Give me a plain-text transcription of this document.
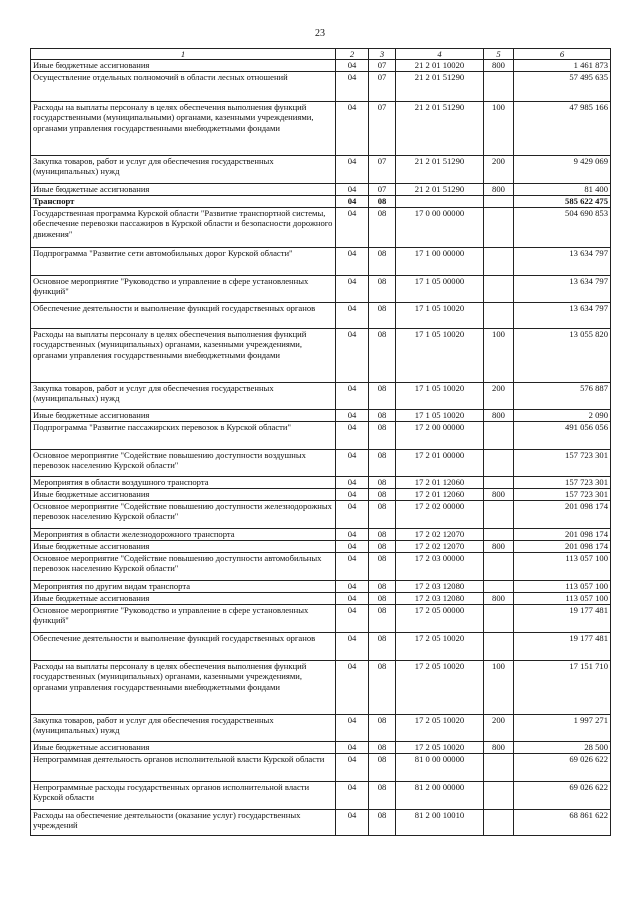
23
1	2	3	4	5	6
Иные бюджетные ассигнования	04	07	21 2 01 10020	800	1 461 873
Осуществление отдельных полномочий в области лесных отношений	04	07	21 2 01 51290		57 495 635
Расходы на выплаты персоналу в целях обеспечения выполнения функций государственными (муниципальными) органами, казенными учреждениями, органами управления государственными внебюджетными фондами	04	07	21 2 01 51290	100	47 985 166
Закупка товаров, работ и услуг для обеспечения государственных (муниципальных) нужд	04	07	21 2 01 51290	200	9 429 069
Иные бюджетные ассигнования	04	07	21 2 01 51290	800	81 400
Транспорт	04	08			585 622 475
Государственная программа Курской области "Развитие транспортной системы, обеспечение перевозки пассажиров в Курской области и безопасности дорожного движения"	04	08	17 0 00 00000		504 690 853
Подпрограмма "Развитие сети автомобильных дорог Курской области"	04	08	17 1 00 00000		13 634 797
Основное мероприятие "Руководство и управление в сфере установленных функций"	04	08	17 1 05 00000		13 634 797
Обеспечение деятельности и выполнение функций государственных органов	04	08	17 1 05 10020		13 634 797
Расходы на выплаты персоналу в целях обеспечения выполнения функций государственных (муниципальных) органами, казенными учреждениями, органами управления государственными внебюджетными фондами	04	08	17 1 05 10020	100	13 055 820
Закупка товаров, работ и услуг для обеспечения государственных (муниципальных) нужд	04	08	17 1 05 10020	200	576 887
Иные бюджетные ассигнования	04	08	17 1 05 10020	800	2 090
Подпрограмма "Развитие пассажирских перевозок в Курской области"	04	08	17 2 00 00000		491 056 056
Основное мероприятие "Содействие повышению доступности воздушных перевозок населению Курской области"	04	08	17 2 01 00000		157 723 301
Мероприятия в области воздушного транспорта	04	08	17 2 01 12060		157 723 301
Иные бюджетные ассигнования	04	08	17 2 01 12060	800	157 723 301
Основное мероприятие "Содействие повышению доступности железнодорожных перевозок населению Курской области"	04	08	17 2 02 00000		201 098 174
Мероприятия в области железнодорожного транспорта	04	08	17 2 02 12070		201 098 174
Иные бюджетные ассигнования	04	08	17 2 02 12070	800	201 098 174
Основное мероприятие "Содействие повышению доступности автомобильных перевозок населению Курской области"	04	08	17 2 03 00000		113 057 100
Мероприятия по другим видам транспорта	04	08	17 2 03 12080		113 057 100
Иные бюджетные ассигнования	04	08	17 2 03 12080	800	113 057 100
Основное мероприятие "Руководство и управление в сфере установленных функций"	04	08	17 2 05 00000		19 177 481
Обеспечение деятельности и выполнение функций государственных органов	04	08	17 2 05 10020		19 177 481
Расходы на выплаты персоналу в целях обеспечения выполнения функций государственных (муниципальных) органами, казенными учреждениями, органами управления государственными внебюджетными фондами	04	08	17 2 05 10020	100	17 151 710
Закупка товаров, работ и услуг для обеспечения государственных (муниципальных) нужд	04	08	17 2 05 10020	200	1 997 271
Иные бюджетные ассигнования	04	08	17 2 05 10020	800	28 500
Непрограммная деятельность органов исполнительной власти Курской области	04	08	81 0 00 00000		69 026 622
Непрограммные расходы государственных органов исполнительной власти Курской области	04	08	81 2 00 00000		69 026 622
Расходы на обеспечение деятельности (оказание услуг) государственных учреждений	04	08	81 2 00 10010		68 861 622
